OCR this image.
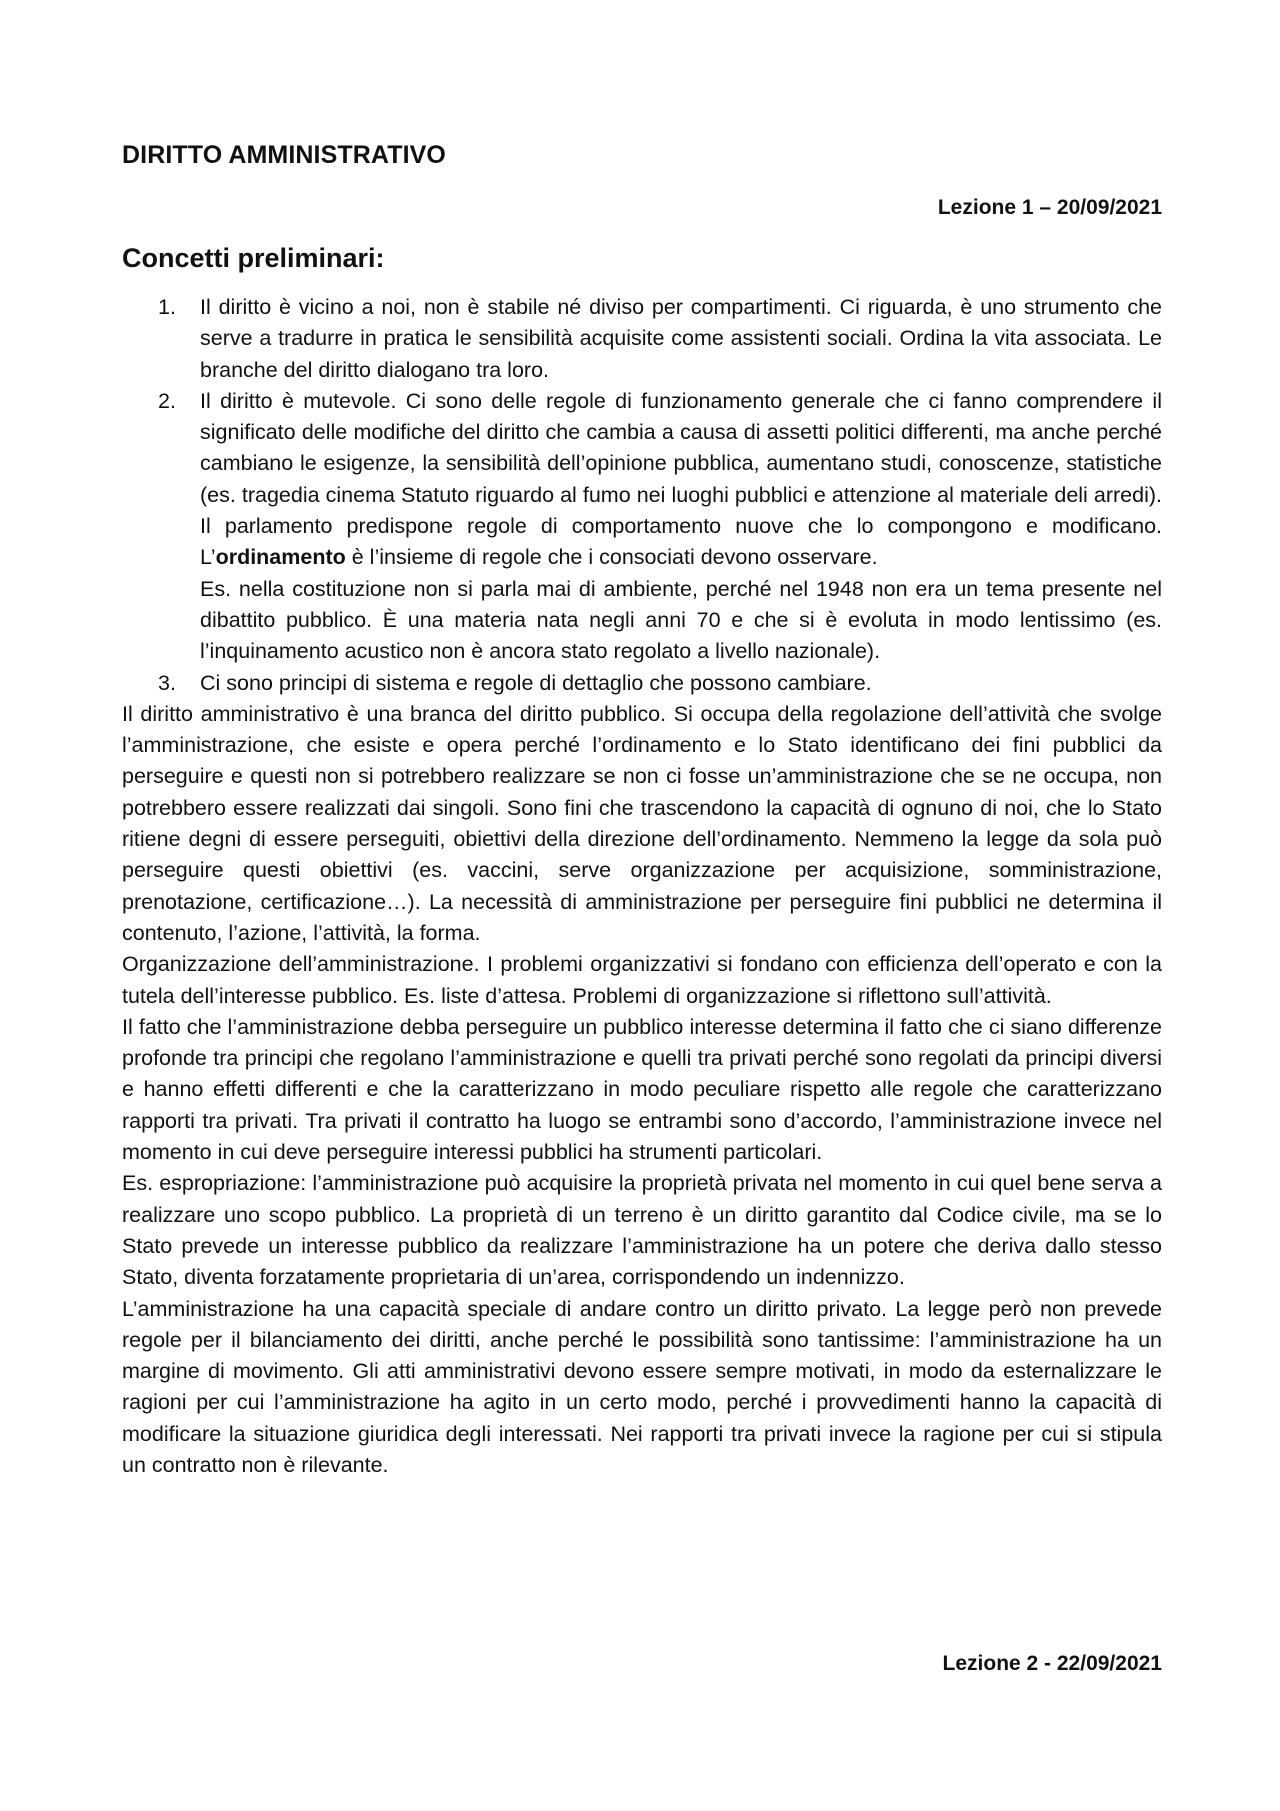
DIRITTO AMMINISTRATIVO

Lezione 1 – 20/09/2021

Concetti preliminari:
1. Il diritto è vicino a noi, non è stabile né diviso per compartimenti. Ci riguarda, è uno strumento che serve a tradurre in pratica le sensibilità acquisite come assistenti sociali. Ordina la vita associata. Le branche del diritto dialogano tra loro.
2. Il diritto è mutevole. Ci sono delle regole di funzionamento generale che ci fanno comprendere il significato delle modifiche del diritto che cambia a causa di assetti politici differenti, ma anche perché cambiano le esigenze, la sensibilità dell’opinione pubblica, aumentano studi, conoscenze, statistiche (es. tragedia cinema Statuto riguardo al fumo nei luoghi pubblici e attenzione al materiale deli arredi). Il parlamento predispone regole di comportamento nuove che lo compongono e modificano. L’ordinamento è l’insieme di regole che i consociati devono osservare.

Es. nella costituzione non si parla mai di ambiente, perché nel 1948 non era un tema presente nel dibattito pubblico. È una materia nata negli anni 70 e che si è evoluta in modo lentissimo (es. l’inquinamento acustico non è ancora stato regolato a livello nazionale).

3. Ci sono principi di sistema e regole di dettaglio che possono cambiare.

Il diritto amministrativo è una branca del diritto pubblico. Si occupa della regolazione dell’attività che svolge l’amministrazione, che esiste e opera perché l’ordinamento e lo Stato identificano dei fini pubblici da perseguire e questi non si potrebbero realizzare se non ci fosse un’amministrazione che se ne occupa, non potrebbero essere realizzati dai singoli. Sono fini che trascendono la capacità di ognuno di noi, che lo Stato ritiene degni di essere perseguiti, obiettivi della direzione dell’ordinamento. Nemmeno la legge da sola può perseguire questi obiettivi (es. vaccini, serve organizzazione per acquisizione, somministrazione, prenotazione, certificazione…). La necessità di amministrazione per perseguire fini pubblici ne determina il contenuto, l’azione, l’attività, la forma.

Organizzazione dell’amministrazione. I problemi organizzativi si fondano con efficienza dell’operato e con la tutela dell’interesse pubblico. Es. liste d’attesa. Problemi di organizzazione si riflettono sull’attività.

Il fatto che l’amministrazione debba perseguire un pubblico interesse determina il fatto che ci siano differenze profonde tra principi che regolano l’amministrazione e quelli tra privati perché sono regolati da principi diversi e hanno effetti differenti e che la caratterizzano in modo peculiare rispetto alle regole che caratterizzano rapporti tra privati. Tra privati il contratto ha luogo se entrambi sono d’accordo, l’amministrazione invece nel momento in cui deve perseguire interessi pubblici ha strumenti particolari.

Es. espropriazione: l’amministrazione può acquisire la proprietà privata nel momento in cui quel bene serva a realizzare uno scopo pubblico. La proprietà di un terreno è un diritto garantito dal Codice civile, ma se lo Stato prevede un interesse pubblico da realizzare l’amministrazione ha un potere che deriva dallo stesso Stato, diventa forzatamente proprietaria di un’area, corrispondendo un indennizzo.

L’amministrazione ha una capacità speciale di andare contro un diritto privato. La legge però non prevede regole per il bilanciamento dei diritti, anche perché le possibilità sono tantissime: l’amministrazione ha un margine di movimento. Gli atti amministrativi devono essere sempre motivati, in modo da esternalizzare le ragioni per cui l’amministrazione ha agito in un certo modo, perché i provvedimenti hanno la capacità di modificare la situazione giuridica degli interessati. Nei rapporti tra privati invece la ragione per cui si stipula un contratto non è rilevante.

Lezione 2 - 22/09/2021
